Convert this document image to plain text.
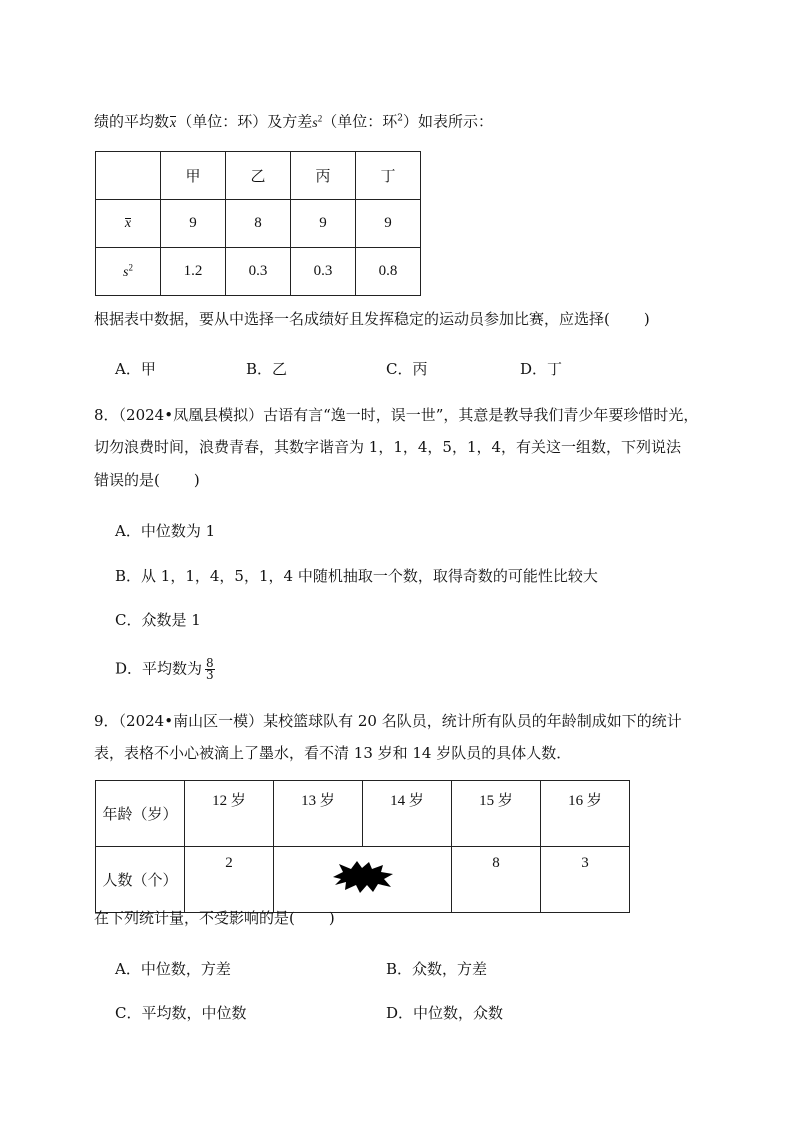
绩的平均数x（单位：环）及方差$s^2$（单位：环$^2$）如表所示：
	甲	乙	丙	丁
x	9	8	9	9
$s^2$	1.2	0.3	0.3	0.8
根据表中数据，要从中选择一名成绩好且发挥稳定的运动员参加比赛，应选择( )
A．甲	B．乙	C．丙	D．丁
8．（2024•凤凰县模拟）古语有言“逸一时，误一世”，其意是教导我们青少年要珍惜时光，
切勿浪费时间，浪费青春，其数字谐音为 1，1，4，5，1，4，有关这一组数，下列说法
错误的是( )
A．中位数为 1
B．从 1，1，4，5，1，4 中随机抽取一个数，取得奇数的可能性比较大
C．众数是 1
D．平均数为 $\frac{8}{3}$
9．（2024•南山区一模）某校篮球队有 20 名队员，统计所有队员的年龄制成如下的统计
表，表格不小心被滴上了墨水，看不清 13 岁和 14 岁队员的具体人数．
年龄（岁）	12 岁	13 岁	14 岁	15 岁	16 岁
人数（个）	2			8	3
在下列统计量，不受影响的是( )
A．中位数，方差	B．众数，方差
C．平均数，中位数	D．中位数，众数
